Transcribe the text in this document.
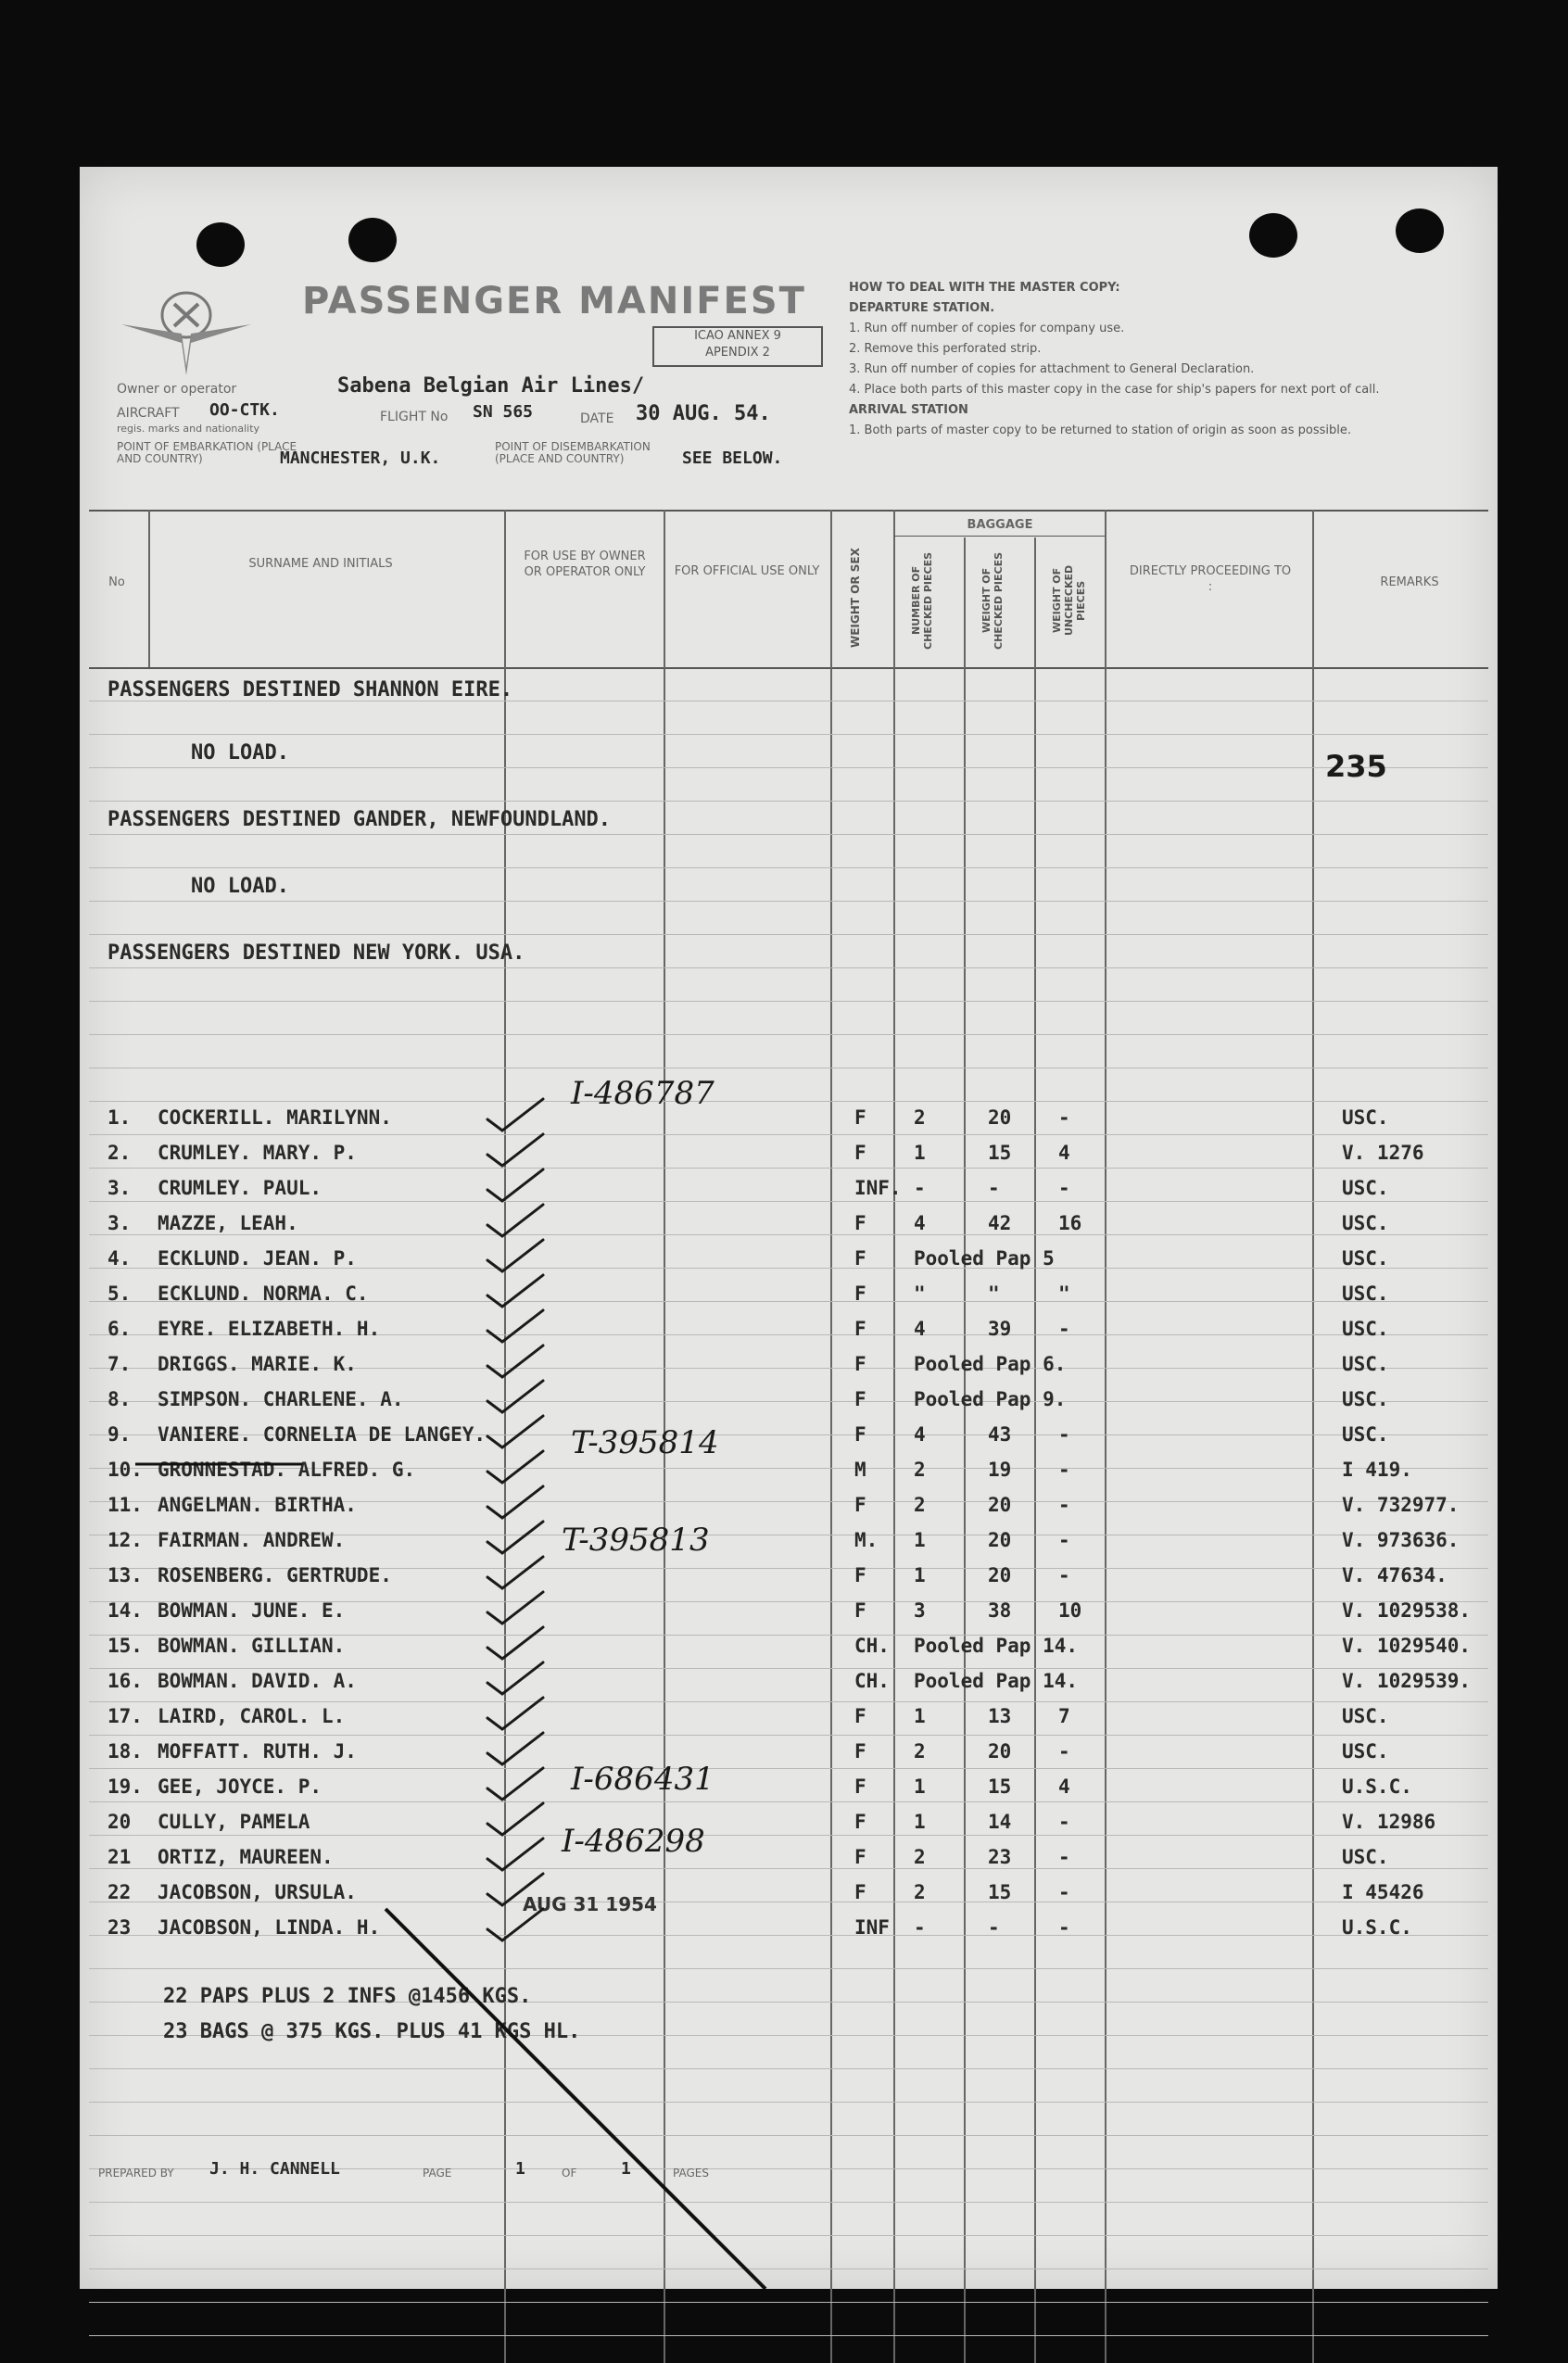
PASSENGER MANIFEST
ICAO ANNEX 9
APENDIX 2
HOW TO DEAL WITH THE MASTER COPY:
DEPARTURE STATION.
1. Run off number of copies for company use.
2. Remove this perforated strip.
3. Run off number of copies for attachment to General Declaration.
4. Place both parts of this master copy in the case for ship's papers for next port of call.
ARRIVAL STATION
1. Both parts of master copy to be returned to station of origin as soon as possible.
Owner or operator	Sabena Belgian Air Lines/
AIRCRAFT OO-CTK.
regis. marks and nationality
FLIGHT No SN 565	DATE 30 AUG. 54.
POINT OF EMBARKATION (PLACE AND COUNTRY)	MANCHESTER, U.K.
POINT OF DISEMBARKATION (PLACE AND COUNTRY)	SEE BELOW.
No
SURNAME AND INITIALS
FOR USE BY OWNER OR OPERATOR ONLY	FOR OFFICIAL USE ONLY	WEIGHT OR SEX
BAGGAGE
NUMBER OF CHECKED PIECES	WEIGHT OF CHECKED PIECES	WEIGHT OF UNCHECKED PIECES
DIRECTLY PROCEEDING TO :	REMARKS
PASSENGERS DESTINED SHANNON EIRE.
NO LOAD.
PASSENGERS DESTINED GANDER, NEWFOUNDLAND.
NO LOAD.
PASSENGERS DESTINED NEW YORK. USA.
235
1. COCKERILL. MARILYNN.	F 2	20 -	USC.
2. CRUMLEY. MARY. P.	F 1	15 4	V. 1276
3. CRUMLEY. PAUL.	INF. -	-	-	USC.
3. MAZZE, LEAH.	F 4	42 16	USC.
4. ECKLUND. JEAN. P.	F Pooled Pap 5	USC.
5. ECKLUND. NORMA. C.	F "	"	"	USC.
6. EYRE. ELIZABETH. H.	F 4	39 -	USC.
7. DRIGGS. MARIE. K.	F Pooled Pap 6.	USC.
8. SIMPSON. CHARLENE. A.	F Pooled Pap 9.	USC.
9. VANIERE. CORNELIA DE LANGEY.	F 4	43 -	USC.
10. GRONNESTAD. ALFRED. G.	M 2	19 -	I 419.
11. ANGELMAN. BIRTHA.	F 2	20 -	V. 732977.
12. FAIRMAN. ANDREW.	M. 1	20 -	V. 973636.
13. ROSENBERG. GERTRUDE.	F 1	20 -	V. 47634.
14. BOWMAN. JUNE. E.	F 3	38 10	V. 1029538.
15. BOWMAN. GILLIAN.	CH. Pooled Pap 14.	V. 1029540.
16. BOWMAN. DAVID. A.	CH. Pooled Pap 14.	V. 1029539.
17. LAIRD, CAROL. L.	F 1	13 7	USC.
18. MOFFATT. RUTH. J.	F 2	20 -	USC.
19. GEE, JOYCE. P.	F 1	15 4	U.S.C.
20 CULLY, PAMELA	F 1	14 -	V. 12986
21 ORTIZ, MAUREEN.	F 2	23 -	USC.
22 JACOBSON, URSULA.	F 2	15 -	I 45426
23 JACOBSON, LINDA. H.	INF -	-	-	U.S.C.
I-486787
T-395814
T-395813
I-686431
I-486298
AUG 31 1954
22 PAPS PLUS 2 INFS @1456 KGS.
23 BAGS @ 375 KGS. PLUS 41 KGS HL.
PREPARED BY J. H. CANNELL	PAGE	1	OF	1	PAGES
